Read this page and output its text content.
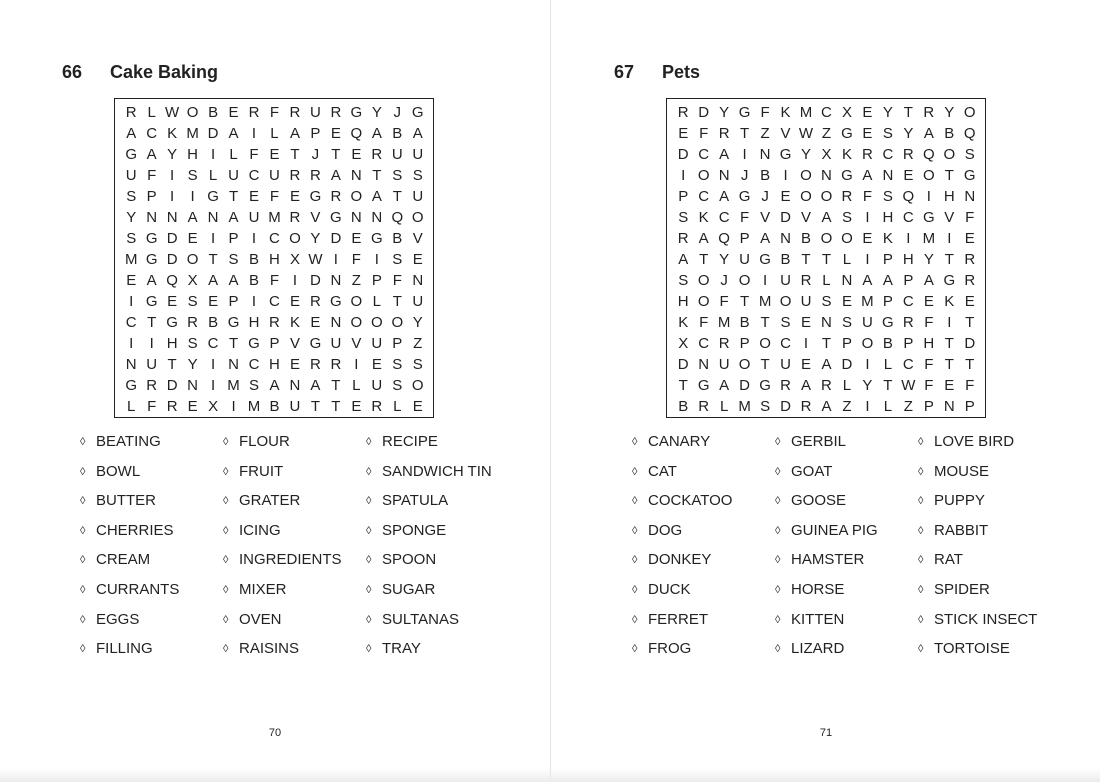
66 Cake Baking
R L W O B E R F R U R G Y J G
A C K M D A I L A P E Q A B A
G A Y H I L F E T J T E R U U
U F I S L U C U R R A N T S S
S P I	I G T E F E G R O A T U
Y N N A N A U M R V G N N Q O
S G D E I P I C O Y D E G B V
M G D O T S B H X W I F I S E
E A Q X A A B F I D N Z P F N
I G E S E P I C E R G O L T U
C T G R B G H R K E N O O O Y
I	I H S C T G P V G U V U P Z
N U T Y I N C H E R R I E S S
G R D N I M S A N A T L U S O
L F R E X I M B U T T E R L E
◊ BEATING	◊ FLOUR	◊ RECIPE
◊ BOWL	◊ FRUIT	◊ SANDWICH TIN
◊ BUTTER	◊ GRATER	◊ SPATULA
◊ CHERRIES	◊ ICING	◊ SPONGE
◊ CREAM	◊ INGREDIENTS ◊ SPOON
◊ CURRANTS	◊ MIXER	◊ SUGAR
◊ EGGS	◊ OVEN	◊ SULTANAS
◊ FILLING	◊ RAISINS	◊ TRAY
70
67 Pets
R D Y G F K M C X E Y T R Y O
E F R T Z V W Z G E S Y A B Q
D C A I N G Y X K R C R Q O S
I O N J B I O N G A N E O T G
P C A G J E O O R F S Q I H N
S K C F V D V A S I H C G V F
R A Q P A N B O O E K I M I E
A T Y U G B T T L I P H Y T R
S O J O I U R L N A A P A G R
H O F T M O U S E M P C E K E
K F M B T S E N S U G R F I T
X C R P O C I T P O B P H T D
D N U O T U E A D I L C F T T
T G A D G R A R L Y T W F E F
B R L M S D R A Z I L Z P N P
◊ CANARY	◊ GERBIL	◊ LOVE BIRD
◊ CAT	◊ GOAT	◊ MOUSE
◊ COCKATOO	◊ GOOSE	◊ PUPPY
◊ DOG	◊ GUINEA PIG	◊ RABBIT
◊ DONKEY	◊ HAMSTER	◊ RAT
◊ DUCK	◊ HORSE	◊ SPIDER
◊ FERRET	◊ KITTEN	◊ STICK INSECT
◊ FROG	◊ LIZARD	◊ TORTOISE
71
